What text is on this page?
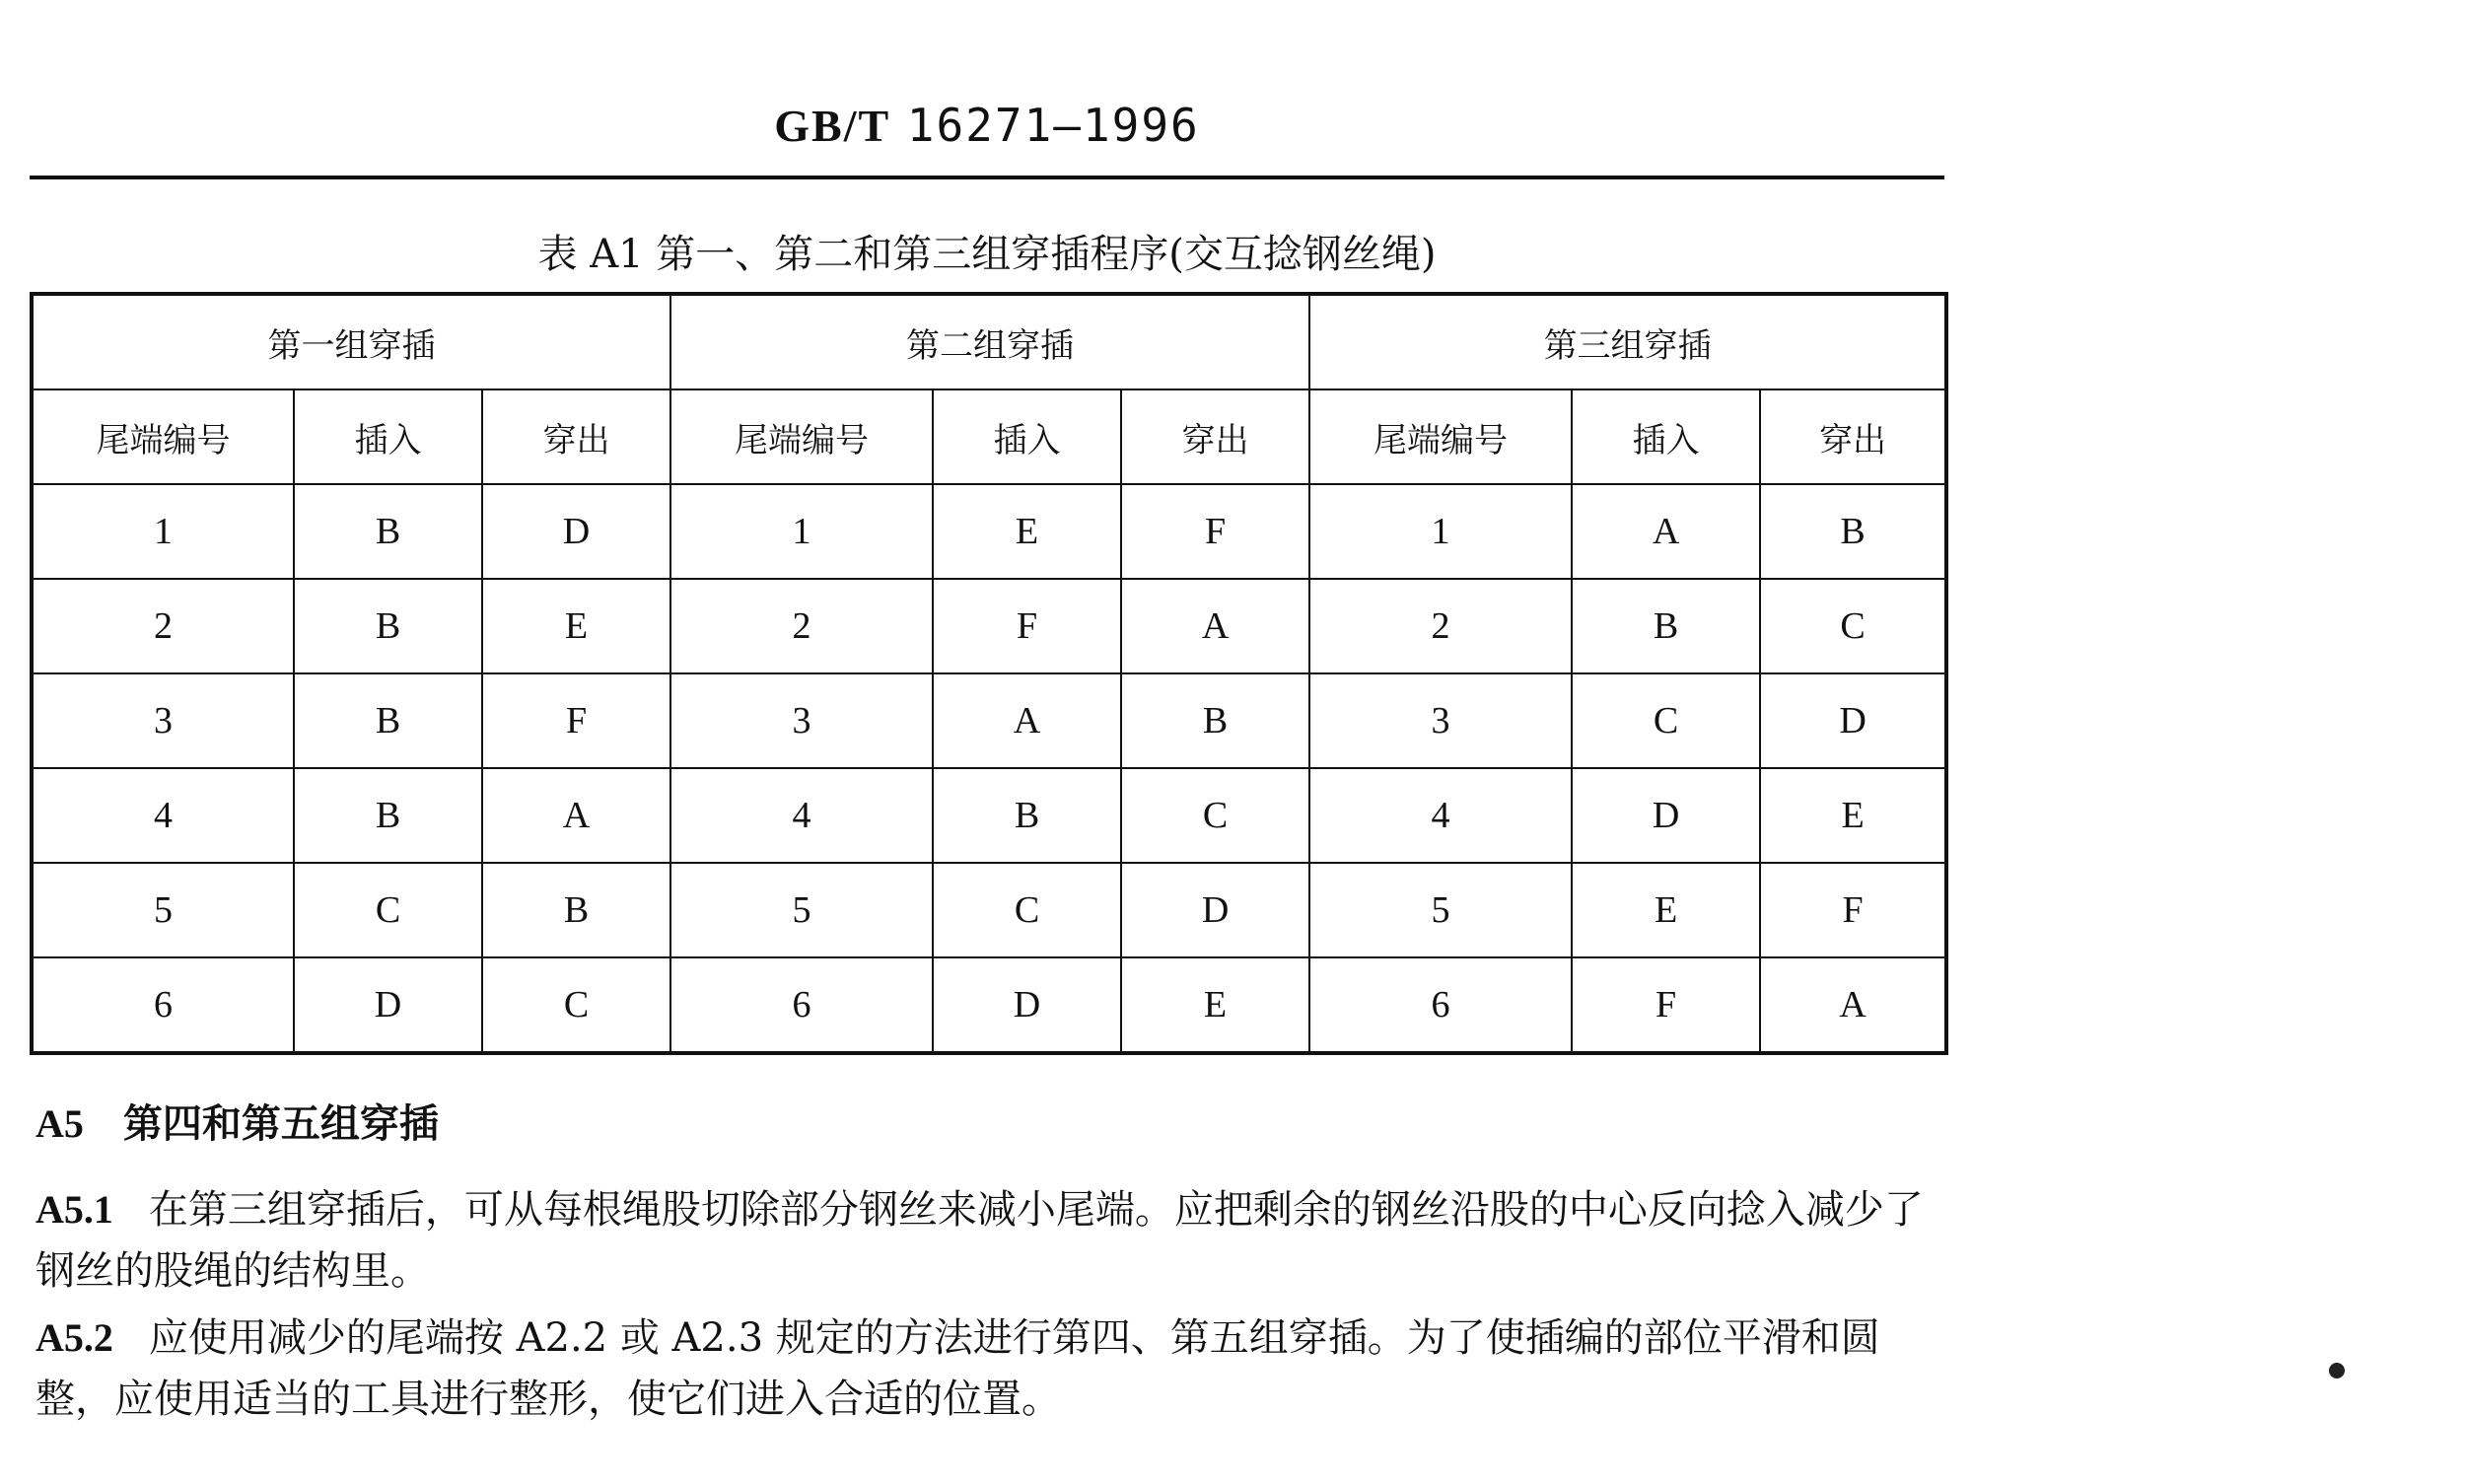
GB/T 16271—1996
表 A1 第一、第二和第三组穿插程序(交互捻钢丝绳)
第一组穿插			第二组穿插			第三组穿插		
尾端编号	插入	穿出	尾端编号	插入	穿出	尾端编号	插入	穿出
1	B	D	1	E	F	1	A	B
2	B	E	2	F	A	2	B	C
3	B	F	3	A	B	3	C	D
4	B	A	4	B	C	4	D	E
5	C	B	5	C	D	5	E	F
6	D	C	6	D	E	6	F	A
A5 第四和第五组穿插
A5.1 在第三组穿插后，可从每根绳股切除部分钢丝来减小尾端。应把剩余的钢丝沿股的中心反向捻入减少了钢丝的股绳的结构里。
A5.2 应使用减少的尾端按 A2.2 或 A2.3 规定的方法进行第四、第五组穿插。为了使插编的部位平滑和圆整，应使用适当的工具进行整形，使它们进入合适的位置。
